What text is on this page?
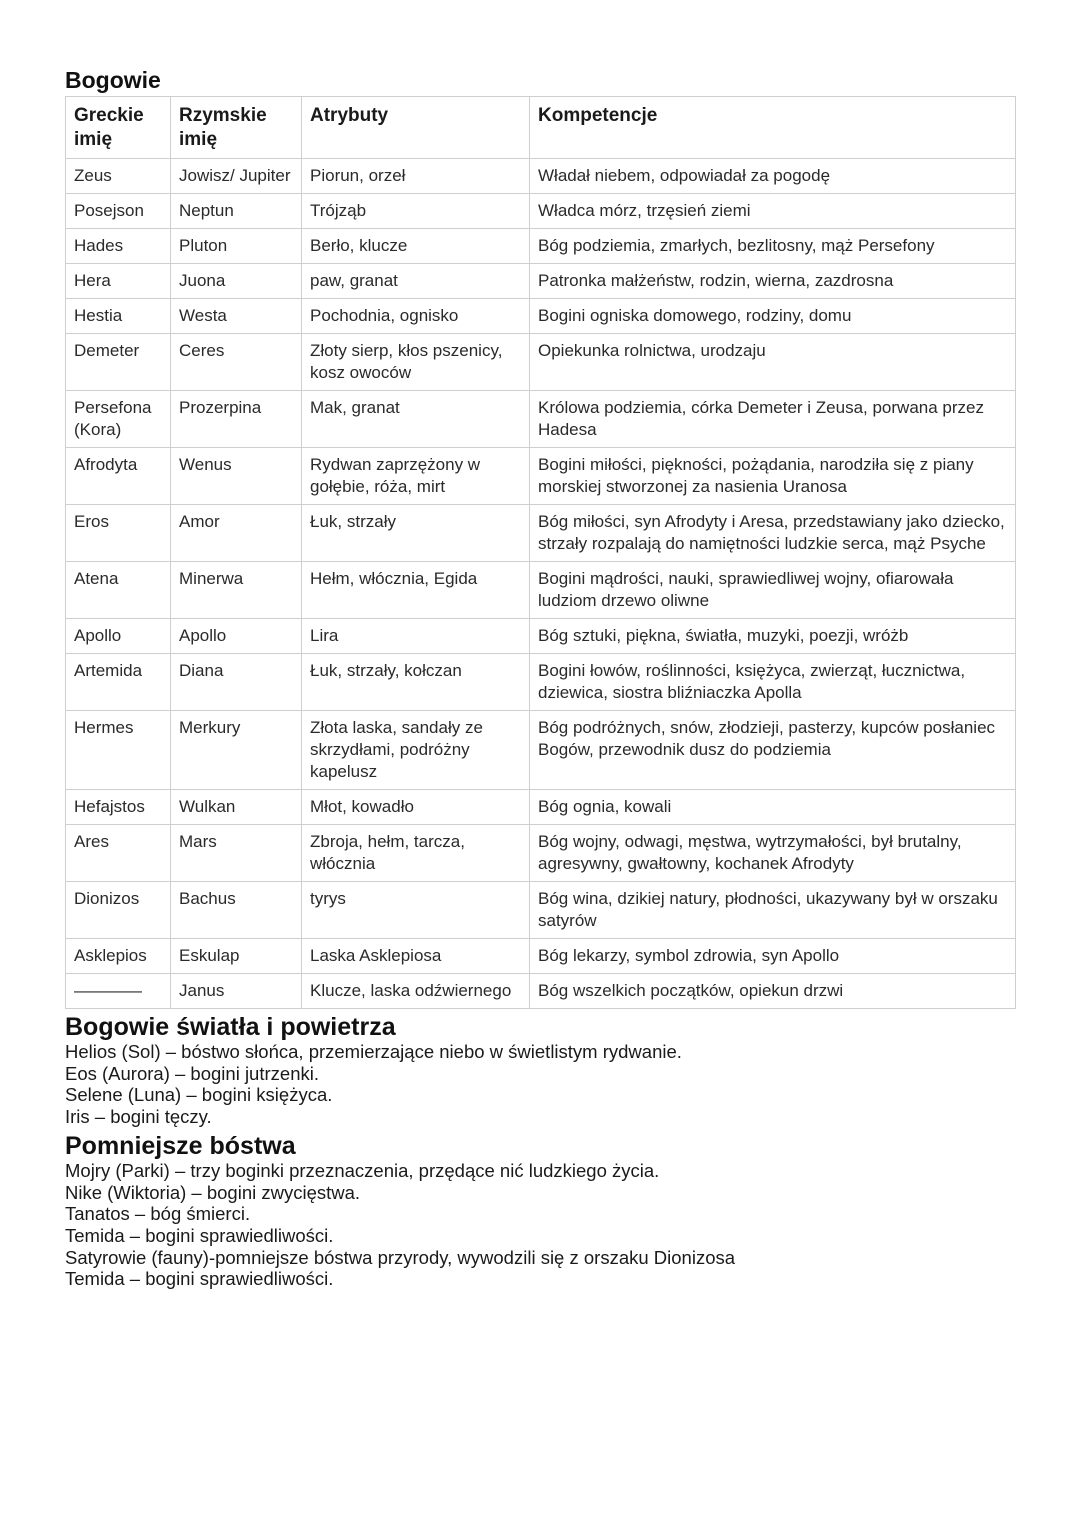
Bogowie
Greckie imię	Rzymskie imię	Atrybuty	Kompetencje
Zeus	Jowisz/ Jupiter	Piorun, orzeł	Władał niebem, odpowiadał za pogodę
Posejson	Neptun	Trójząb	Władca mórz, trzęsień ziemi
Hades	Pluton	Berło, klucze	Bóg podziemia, zmarłych, bezlitosny, mąż Persefony
Hera	Juona	paw, granat	Patronka małżeństw, rodzin, wierna, zazdrosna
Hestia	Westa	Pochodnia, ognisko	Bogini ogniska domowego, rodziny, domu
Demeter	Ceres	Złoty sierp, kłos pszenicy, kosz owoców	Opiekunka rolnictwa, urodzaju
Persefona (Kora)	Prozerpina	Mak, granat	Królowa podziemia, córka Demeter i Zeusa, porwana przez Hadesa
Afrodyta	Wenus	Rydwan zaprzężony w gołębie, róża, mirt	Bogini miłości, piękności, pożądania, narodziła się z piany morskiej stworzonej za nasienia Uranosa
Eros	Amor	Łuk, strzały	Bóg miłości, syn Afrodyty i Aresa, przedstawiany jako dziecko, strzały rozpalają do namiętności ludzkie serca, mąż Psyche
Atena	Minerwa	Hełm, włócznia, Egida	Bogini mądrości, nauki, sprawiedliwej wojny, ofiarowała ludziom drzewo oliwne
Apollo	Apollo	Lira	Bóg sztuki, piękna, światła, muzyki, poezji, wróżb
Artemida	Diana	Łuk, strzały, kołczan	Bogini łowów, roślinności, księżyca, zwierząt, łucznictwa, dziewica, siostra bliźniaczka Apolla
Hermes	Merkury	Złota laska, sandały ze skrzydłami, podróżny kapelusz	Bóg podróżnych, snów, złodzieji, pasterzy, kupców posłaniec Bogów, przewodnik dusz do podziemia
Hefajstos	Wulkan	Młot, kowadło	Bóg ognia, kowali
Ares	Mars	Zbroja, hełm, tarcza, włócznia	Bóg wojny, odwagi, męstwa, wytrzymałości, był brutalny, agresywny, gwałtowny, kochanek Afrodyty
Dionizos	Bachus	tyrys	Bóg wina, dzikiej natury, płodności, ukazywany był w orszaku satyrów
Asklepios	Eskulap	Laska Asklepiosa	Bóg lekarzy, symbol zdrowia, syn Apollo
————	Janus	Klucze, laska odźwiernego	Bóg wszelkich początków, opiekun drzwi
Bogowie światła i powietrza
Helios (Sol) – bóstwo słońca, przemierzające niebo w świetlistym rydwanie.
Eos (Aurora) – bogini jutrzenki.
Selene (Luna) – bogini księżyca.
Iris – bogini tęczy.
Pomniejsze bóstwa
Mojry (Parki) – trzy boginki przeznaczenia, przędące nić ludzkiego życia.
Nike (Wiktoria) – bogini zwycięstwa.
Tanatos – bóg śmierci.
Temida – bogini sprawiedliwości.
Satyrowie (fauny)-pomniejsze bóstwa przyrody, wywodzili się z orszaku Dionizosa
Temida – bogini sprawiedliwości.
